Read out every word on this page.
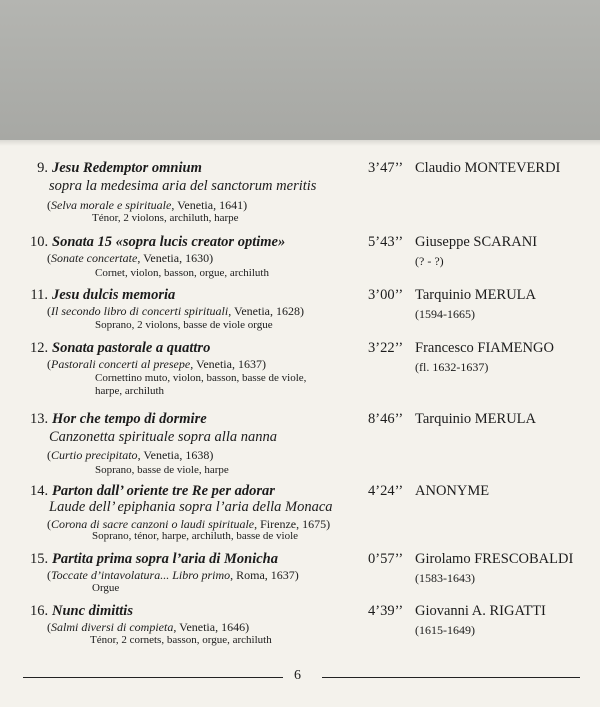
9. Jesu Redemptor omnium
sopra la medesima aria del sanctorum meritis
(Selva morale e spirituale, Venetia, 1641)
Ténor, 2 violons, archiluth, harpe
3’47’’ Claudio MONTEVERDI
10. Sonata 15 «sopra lucis creator optime»
(Sonate concertate, Venetia, 1630)
Cornet, violon, basson, orgue, archiluth
5’43’’ Giuseppe SCARANI
(? - ?)
11. Jesu dulcis memoria
(Il secondo libro di concerti spirituali, Venetia, 1628)
Soprano, 2 violons, basse de viole orgue
3’00’’ Tarquinio MERULA
(1594-1665)
12. Sonata pastorale a quattro
(Pastorali concerti al presepe, Venetia, 1637)
Cornettino muto, violon, basson, basse de viole,
harpe, archiluth
3’22’’ Francesco FIAMENGO
(fl. 1632-1637)
13. Hor che tempo di dormire
Canzonetta spirituale sopra alla nanna
(Curtio precipitato, Venetia, 1638)
Soprano, basse de viole, harpe
8’46’’ Tarquinio MERULA
14. Parton dall’ oriente tre Re per adorar
Laude dell’ epiphania sopra l’aria della Monaca
(Corona di sacre canzoni o laudi spirituale, Firenze, 1675)
Soprano, ténor, harpe, archiluth, basse de viole
4’24’’ ANONYME
15. Partita prima sopra l’aria di Monicha
(Toccate d’intavolatura... Libro primo, Roma, 1637)
Orgue
0’57’’ Girolamo FRESCOBALDI
(1583-1643)
16. Nunc dimittis
(Salmi diversi di compieta, Venetia, 1646)
Ténor, 2 cornets, basson, orgue, archiluth
4’39’’ Giovanni A. RIGATTI
(1615-1649)
6
